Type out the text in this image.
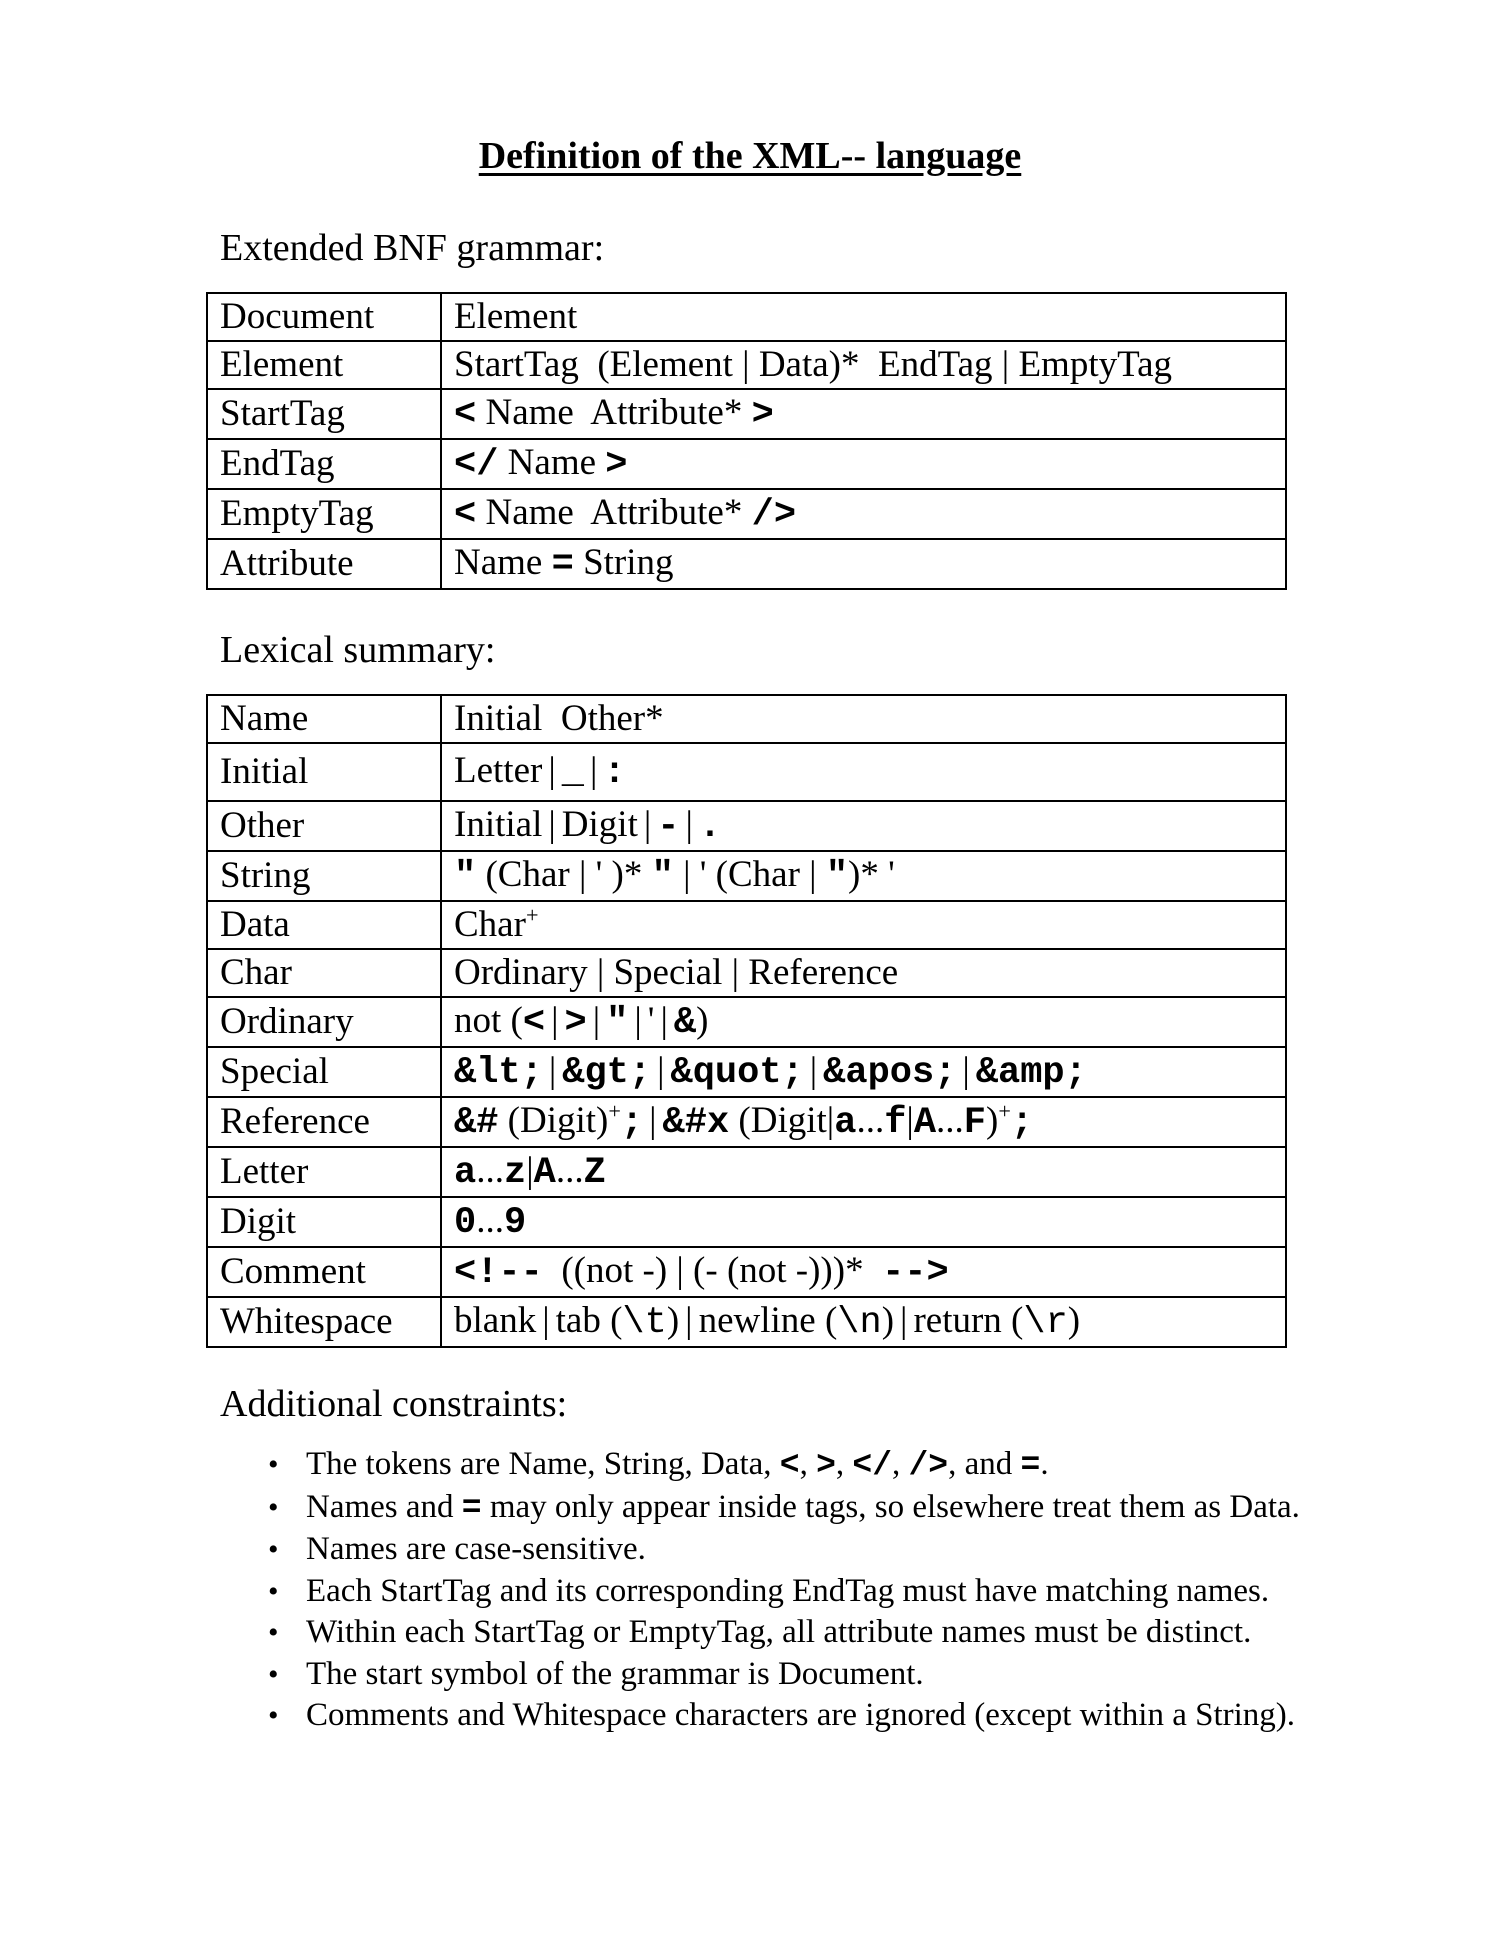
Definition of the XML-- language
Extended BNF grammar:
Document	Element
Element	StartTag  (Element | Data)*  EndTag | EmptyTag
StartTag	< Name  Attribute* >
EndTag	</ Name >
EmptyTag	< Name  Attribute* />
Attribute	Name = String
Lexical summary:
Name	Initial  Other*
Initial	Letter | _ | :
Other	Initial | Digit | - | .
String	" (Char | ' )* " | ' (Char | ")* '
Data	Char+
Char	Ordinary | Special | Reference
Ordinary	not (< | > | " | ' | &)
Special	&lt; | &gt; | &quot; | &apos; | &amp;
Reference	&# (Digit)+; | &#x (Digit|a...f|A...F)+;
Letter	a...z|A...Z
Digit	0...9
Comment	<!--  ((not -) | (- (not -)))*  -->
Whitespace	blank | tab (\t) | newline (\n) | return (\r)
Additional constraints:
• The tokens are Name, String, Data, <, >, </, />, and =.
• Names and = may only appear inside tags, so elsewhere treat them as Data.
• Names are case-sensitive.
• Each StartTag and its corresponding EndTag must have matching names.
• Within each StartTag or EmptyTag, all attribute names must be distinct.
• The start symbol of the grammar is Document.
• Comments and Whitespace characters are ignored (except within a String).
